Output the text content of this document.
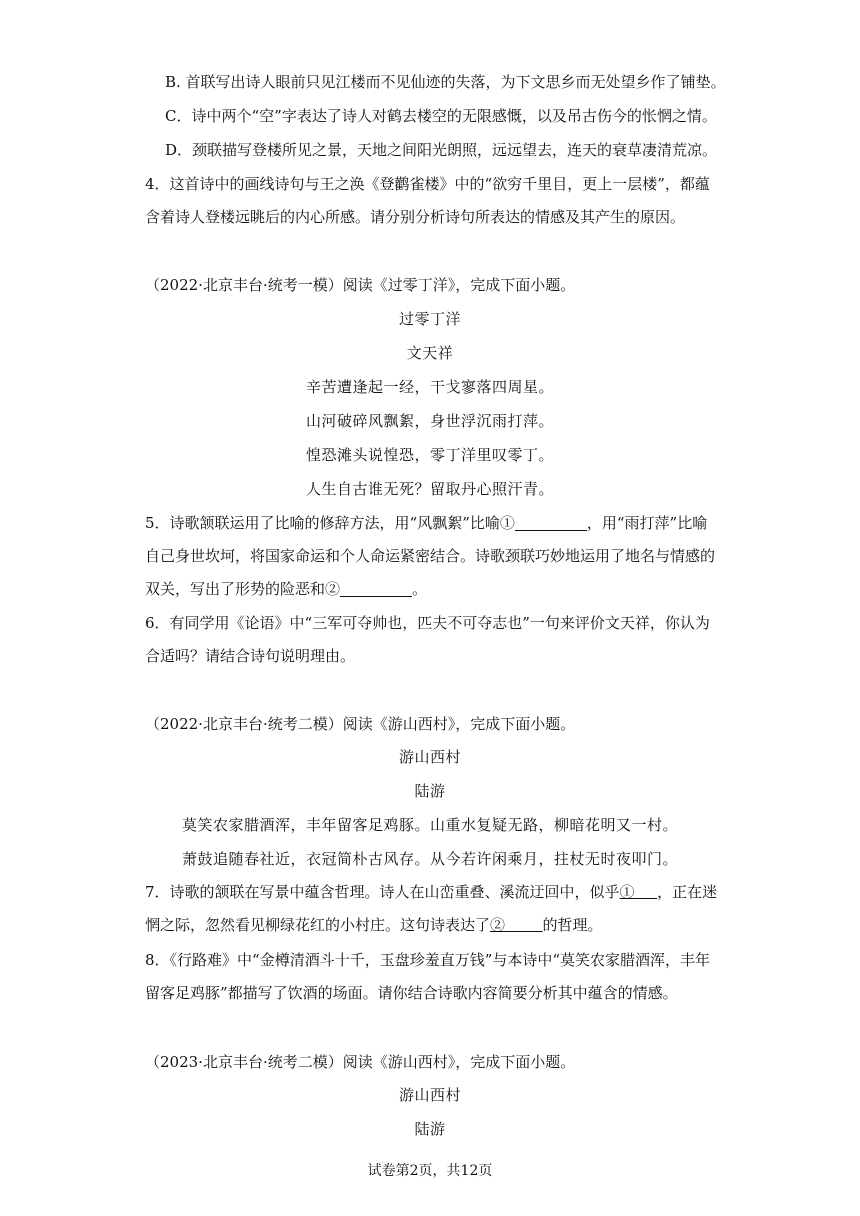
B. 首联写出诗人眼前只见江楼而不见仙迹的失落，为下文思乡而无处望乡作了铺垫。
C．诗中两个“空”字表达了诗人对鹤去楼空的无限感慨，以及吊古伤今的怅惘之情。
D．颈联描写登楼所见之景，天地之间阳光朗照，远远望去，连天的衰草凄清荒凉。
4．这首诗中的画线诗句与王之涣《登鹳雀楼》中的“欲穷千里目，更上一层楼”，都蕴
含着诗人登楼远眺后的内心所感。请分别分析诗句所表达的情感及其产生的原因。
（2022·北京丰台·统考一模）阅读《过零丁洋》，完成下面小题。
过零丁洋
文天祥
辛苦遭逢起一经，干戈寥落四周星。
山河破碎风飘絮，身世浮沉雨打萍。
惶恐滩头说惶恐，零丁洋里叹零丁。
人生自古谁无死？留取丹心照汗青。
5．诗歌颔联运用了比喻的修辞方法，用“风飘絮”比喻①	，用“雨打萍”比喻
自己身世坎坷，将国家命运和个人命运紧密结合。诗歌颈联巧妙地运用了地名与情感的
双关，写出了形势的险恶和②	。
6．有同学用《论语》中“三军可夺帅也，匹夫不可夺志也”一句来评价文天祥，你认为
合适吗？请结合诗句说明理由。
（2022·北京丰台·统考二模）阅读《游山西村》，完成下面小题。
游山西村
陆游
莫笑农家腊酒浑，丰年留客足鸡豚。山重水复疑无路，柳暗花明又一村。
萧鼓追随春社近，衣冠简朴古风存。从今若许闲乘月，拄杖无时夜叩门。
7．诗歌的颔联在写景中蕴含哲理。诗人在山峦重叠、溪流迂回中，似乎①   ，正在迷
惘之际，忽然看见柳绿花红的小村庄。这句诗表达了②   	的哲理。
8．《行路难》中“金樽清酒斗十千，玉盘珍羞直万钱”与本诗中“莫笑农家腊酒浑，丰年
留客足鸡豚”都描写了饮酒的场面。请你结合诗歌内容简要分析其中蕴含的情感。
（2023·北京丰台·统考二模）阅读《游山西村》，完成下面小题。
游山西村
陆游
试卷第2页，共12页
